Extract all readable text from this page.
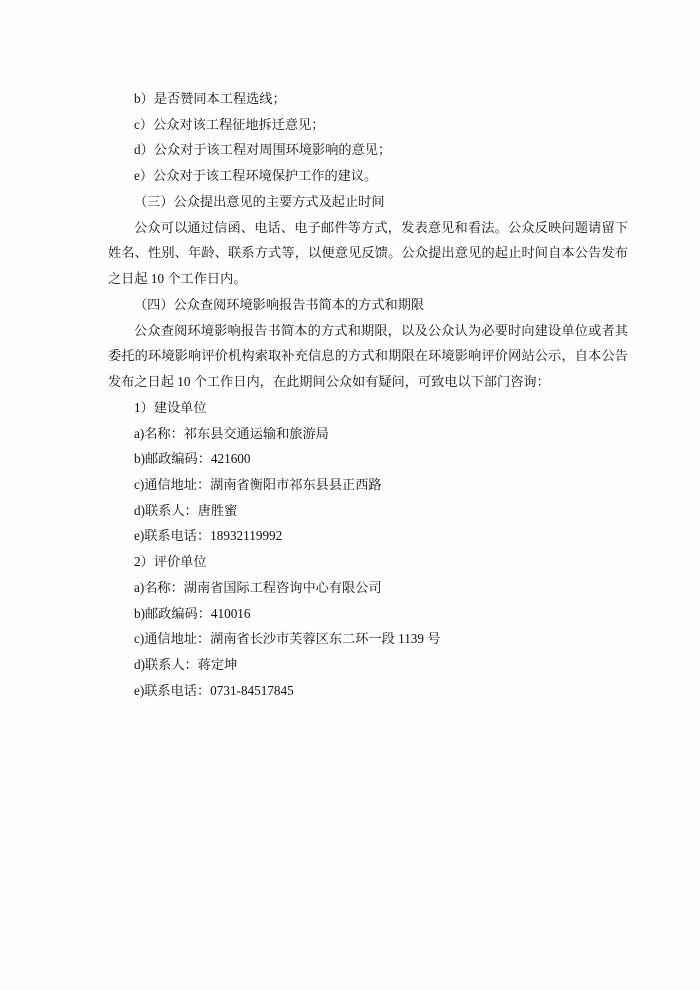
b）是否赞同本工程选线；

c）公众对该工程征地拆迁意见；

d）公众对于该工程对周围环境影响的意见；

e）公众对于该工程环境保护工作的建议。

（三）公众提出意见的主要方式及起止时间

公众可以通过信函、电话、电子邮件等方式，发表意见和看法。公众反映问题请留下姓名、性别、年龄、联系方式等，以便意见反馈。公众提出意见的起止时间自本公告发布之日起 10 个工作日内。

（四）公众查阅环境影响报告书简本的方式和期限

公众查阅环境影响报告书简本的方式和期限，以及公众认为必要时向建设单位或者其委托的环境影响评价机构索取补充信息的方式和期限在环境影响评价网站公示，自本公告发布之日起 10 个工作日内，在此期间公众如有疑问，可致电以下部门咨询：

1）建设单位

a)名称：祁东县交通运输和旅游局

b)邮政编码：421600

c)通信地址：湖南省衡阳市祁东县县正西路

d)联系人：唐胜蜜

e)联系电话：18932119992

2）评价单位

a)名称：湖南省国际工程咨询中心有限公司

b)邮政编码：410016

c)通信地址：湖南省长沙市芙蓉区东二环一段 1139 号

d)联系人：蒋定坤

e)联系电话：0731-84517845
